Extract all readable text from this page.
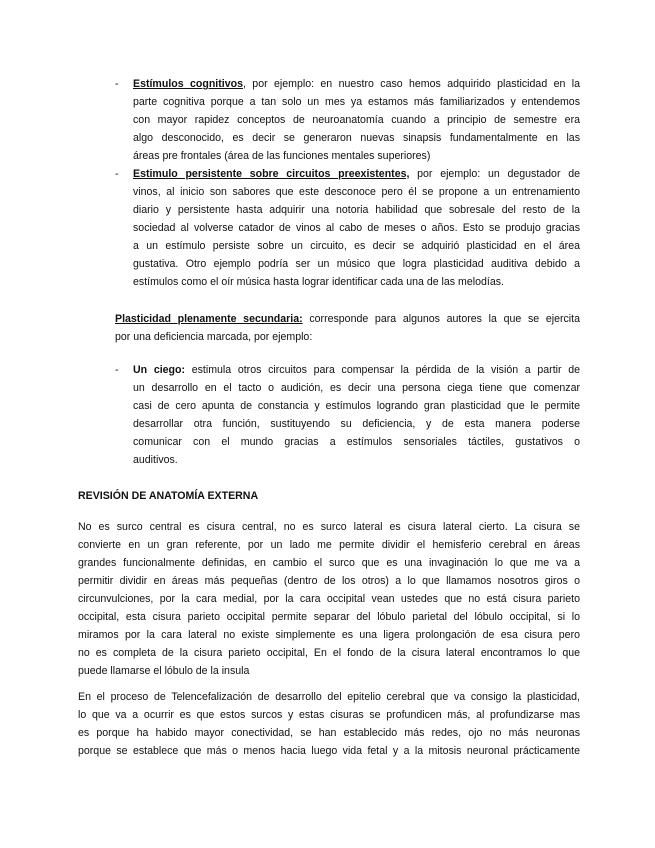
-	Estímulos cognitivos, por ejemplo: en nuestro caso hemos adquirido plasticidad en la
parte cognitiva porque a tan solo un mes ya estamos más familiarizados y entendemos
con mayor rapidez conceptos de neuroanatomía cuando a principio de semestre era
algo desconocido, es decir se generaron nuevas sinapsis fundamentalmente en las
áreas pre frontales (área de las funciones mentales superiores)
-	Estimulo persistente sobre circuitos preexistentes, por ejemplo: un degustador de
vinos, al inicio son sabores que este desconoce pero él se propone a un entrenamiento
diario y persistente hasta adquirir una notoria habilidad que sobresale del resto de la
sociedad al volverse catador de vinos al cabo de meses o años. Esto se produjo gracias
a un estímulo persiste sobre un circuito, es decir se adquirió plasticidad en el área
gustativa. Otro ejemplo podría ser un músico que logra plasticidad auditiva debido a
estímulos como el oír música hasta lograr identificar cada una de las melodías.
Plasticidad plenamente secundaria: corresponde para algunos autores la que se ejercita
por una deficiencia marcada, por ejemplo:
-	Un ciego: estimula otros circuitos para compensar la pérdida de la visión a partir de
un desarrollo en el tacto o audición, es decir una persona ciega tiene que comenzar
casi de cero apunta de constancia y estímulos logrando gran plasticidad que le permite
desarrollar otra función, sustituyendo su deficiencia, y de esta manera poderse
comunicar con el mundo gracias a estímulos sensoriales táctiles, gustativos o
auditivos.
REVISIÓN DE ANATOMÍA EXTERNA
No es surco central es cisura central, no es surco lateral es cisura lateral cierto. La cisura se
convierte en un gran referente, por un lado me permite dividir el hemisferio cerebral en áreas
grandes funcionalmente definidas, en cambio el surco que es una invaginación lo que me va a
permitir dividir en áreas más pequeñas (dentro de los otros) a lo que llamamos nosotros giros o
circunvulciones, por la cara medial, por la cara occipital vean ustedes que no está cisura parieto
occipital, esta cisura parieto occipital permite separar del lóbulo parietal del lóbulo occipital, si lo
miramos por la cara lateral no existe simplemente es una ligera prolongación de esa cisura pero
no es completa de la cisura parieto occipital, En el fondo de la cisura lateral encontramos lo que
puede llamarse el lóbulo de la insula
En el proceso de Telencefalización de desarrollo del epitelio cerebral que va consigo la plasticidad,
lo que va a ocurrir es que estos surcos y estas cisuras se profundicen más, al profundizarse mas
es porque ha habido mayor conectividad, se han establecido más redes, ojo no más neuronas
porque se establece que más o menos hacia luego vida fetal y a la mitosis neuronal prácticamente
